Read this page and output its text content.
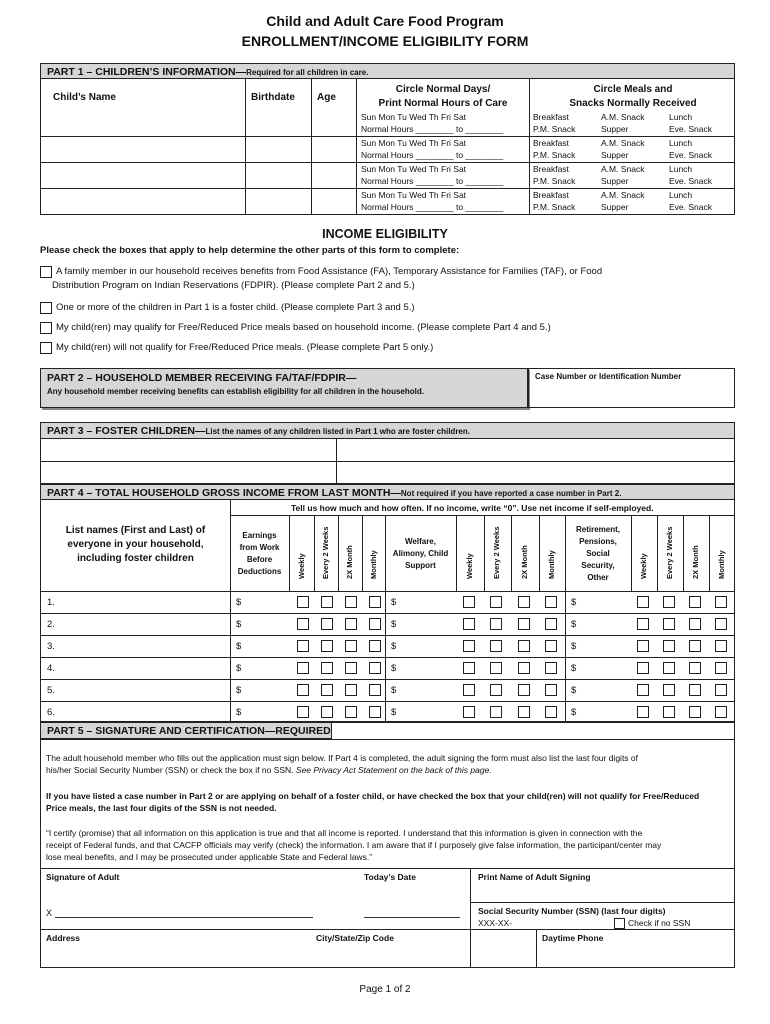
Child and Adult Care Food Program
ENROLLMENT/INCOME ELIGIBILITY FORM
PART 1 – CHILDREN’S INFORMATION—Required for all children in care.
Child’s Name	Birthdate Age
Circle Normal Days/
Print Normal Hours of Care
Circle Meals and
Snacks Normally Received
Sun Mon Tu Wed Th Fri Sat
Normal Hours ________ to ________
Breakfast	A.M. Snack	Lunch
P.M. Snack	Supper	Eve. Snack
Sun Mon Tu Wed Th Fri Sat
Normal Hours ________ to ________
Breakfast	A.M. Snack	Lunch
P.M. Snack	Supper	Eve. Snack
Sun Mon Tu Wed Th Fri Sat
Normal Hours ________ to ________
Breakfast	A.M. Snack	Lunch
P.M. Snack	Supper	Eve. Snack
Sun Mon Tu Wed Th Fri Sat
Normal Hours ________ to ________
Breakfast	A.M. Snack	Lunch
P.M. Snack	Supper	Eve. Snack
INCOME ELIGIBILITY
Please check the boxes that apply to help determine the other parts of this form to complete:
A family member in our household receives benefits from Food Assistance (FA), Temporary Assistance for Families (TAF), or Food
Distribution Program on Indian Reservations (FDPIR). (Please complete Part 2 and 5.)
One or more of the children in Part 1 is a foster child. (Please complete Part 3 and 5.)
My child(ren) may qualify for Free/Reduced Price meals based on household income. (Please complete Part 4 and 5.)
My child(ren) will not qualify for Free/Reduced Price meals. (Please complete Part 5 only.)
PART 2 – HOUSEHOLD MEMBER RECEIVING FA/TAF/FDPIR—
Any household member receiving benefits can establish eligibility for all children in the household.
Case Number or Identification Number
PART 3 – FOSTER CHILDREN—List the names of any children listed in Part 1 who are foster children.
PART 4 – TOTAL HOUSEHOLD GROSS INCOME FROM LAST MONTH—Not required if you have reported a case number in Part 2.
Tell us how much and how often. If no income, write “0”. Use net income if self-employed.
List names (First and Last) of
everyone in your household,
including foster children
Earnings
from Work
Before
Deductions
Welfare,
Alimony, Child
Support
Retirement,
Pensions,
Social
Security,
Other
Weekly Every 2 Weeks 2X Month Monthly	Weekly Every 2 Weeks	2X Month Monthly	Weekly Every 2 Weeks 2X Month Monthly
1.	$	$	$
2.	$	$	$
3.	$	$	$
4.	$	$	$
5.	$	$	$
6.	$	$	$
PART 5 – SIGNATURE AND CERTIFICATION—REQUIRED
The adult household member who fills out the application must sign below. If Part 4 is completed, the adult signing the form must also list the last four digits of
his/her Social Security Number (SSN) or check the box if no SSN. See Privacy Act Statement on the back of this page.
If you have listed a case number in Part 2 or are applying on behalf of a foster child, or have checked the box that your child(ren) will not qualify for Free/Reduced
Price meals, the last four digits of the SSN is not needed.
“I certify (promise) that all information on this application is true and that all income is reported. I understand that this information is given in connection with the
receipt of Federal funds, and that CACFP officials may verify (check) the information. I am aware that if I purposely give false information, the participant/center may
lose meal benefits, and I may be prosecuted under applicable State and Federal laws.”
Signature of Adult	Today’s Date	Print Name of Adult Signing
X	Social Security Number (SSN) (last four digits)
XXX-XX-	Check if no SSN
Address	City/State/Zip Code	Daytime Phone
Page 1 of 2
